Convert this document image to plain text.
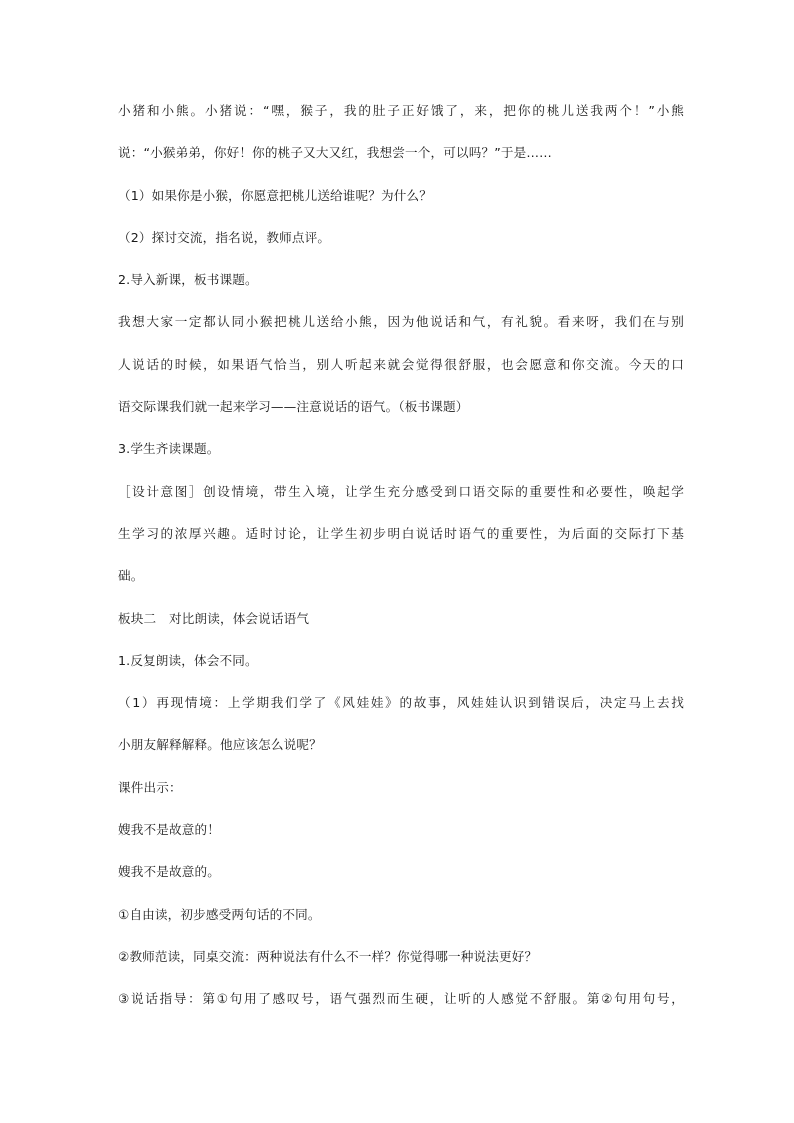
小猪和小熊。小猪说：“嘿，猴子，我的肚子正好饿了，来，把你的桃儿送我两个！”小熊

说：“小猴弟弟，你好！你的桃子又大又红，我想尝一个，可以吗？”于是……

（1）如果你是小猴，你愿意把桃儿送给谁呢？为什么？

（2）探讨交流，指名说，教师点评。

2.导入新课，板书课题。

我想大家一定都认同小猴把桃儿送给小熊，因为他说话和气，有礼貌。看来呀，我们在与别

人说话的时候，如果语气恰当，别人听起来就会觉得很舒服，也会愿意和你交流。今天的口

语交际课我们就一起来学习——注意说话的语气。（板书课题）

3.学生齐读课题。

［设计意图］创设情境，带生入境，让学生充分感受到口语交际的重要性和必要性，唤起学

生学习的浓厚兴趣。适时讨论，让学生初步明白说话时语气的重要性，为后面的交际打下基

础。

板块二　对比朗读，体会说话语气

1.反复朗读，体会不同。

（1）再现情境：上学期我们学了《风娃娃》的故事，风娃娃认识到错误后，决定马上去找

小朋友解释解释。他应该怎么说呢？

课件出示：

嫂我不是故意的！

嫂我不是故意的。

①自由读，初步感受两句话的不同。

②教师范读，同桌交流：两种说法有什么不一样？你觉得哪一种说法更好？

③说话指导：第①句用了感叹号，语气强烈而生硬，让听的人感觉不舒服。第②句用句号，
